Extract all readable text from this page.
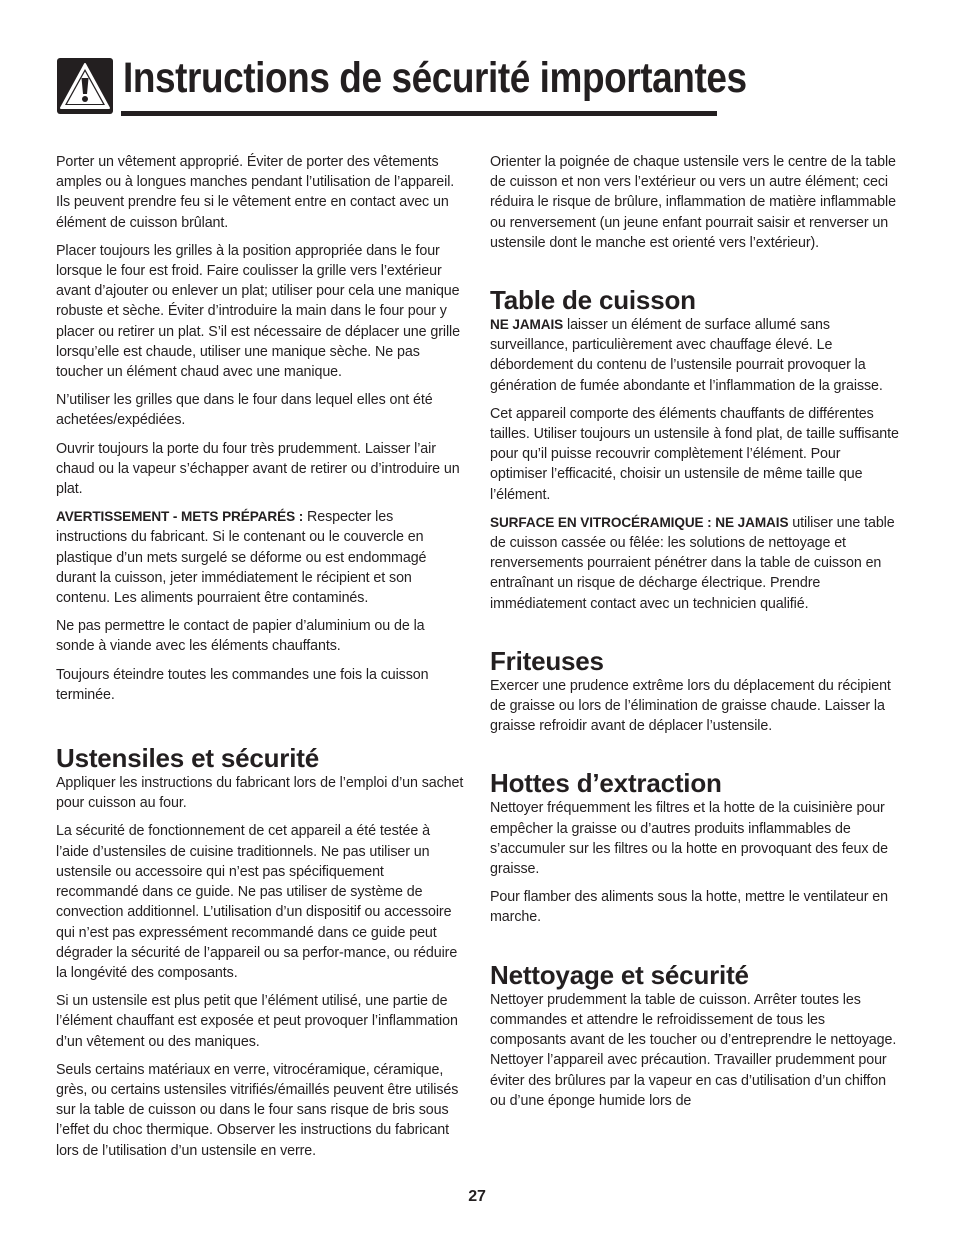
Instructions de sécurité importantes

Porter un vêtement approprié. Éviter de porter des vêtements amples ou à longues manches pendant l’utilisation de l’appareil. Ils peuvent prendre feu si le vêtement entre en contact avec un élément de cuisson brûlant.

Placer toujours les grilles à la position appropriée dans le four lorsque le four est froid. Faire coulisser la grille vers l’extérieur avant d’ajouter ou enlever un plat; utiliser pour cela une manique robuste et sèche. Éviter d’introduire la main dans le four pour y placer ou retirer un plat. S’il est nécessaire de déplacer une grille lorsqu’elle est chaude, utiliser une manique sèche. Ne pas toucher un élément chaud avec une manique.

N’utiliser les grilles que dans le four dans lequel elles ont été achetées/expédiées.

Ouvrir toujours la porte du four très prudemment. Laisser l’air chaud ou la vapeur s’échapper avant de retirer ou d’introduire un plat.

AVERTISSEMENT - METS PRÉPARÉS : Respecter les instructions du fabricant. Si le contenant ou le couvercle en plastique d’un mets surgelé se déforme ou est endommagé durant la cuisson, jeter immédiatement le récipient et son contenu. Les aliments pourraient être contaminés.

Ne pas permettre le contact de papier d’aluminium ou de la sonde à viande avec les éléments chauffants.

Toujours éteindre toutes les commandes une fois la cuisson terminée.

Ustensiles et sécurité

Appliquer les instructions du fabricant lors de l’emploi d’un sachet pour cuisson au four.

La sécurité de fonctionnement de cet appareil a été testée à l’aide d’ustensiles de cuisine traditionnels. Ne pas utiliser un ustensile ou accessoire qui n’est pas spécifiquement recommandé dans ce guide. Ne pas utiliser de système de convection additionnel. L’utilisation d’un dispositif ou accessoire qui n’est pas expressément recommandé dans ce guide peut dégrader la sécurité de l’appareil ou sa perfor-mance, ou réduire la longévité des composants.

Si un ustensile est plus petit que l’élément utilisé, une partie de l’élément chauffant est exposée et peut provoquer l’inflammation d’un vêtement ou des maniques.

Seuls certains matériaux en verre, vitrocéramique, céramique, grès, ou certains ustensiles vitrifiés/émaillés peuvent être utilisés sur la table de cuisson ou dans le four sans risque de bris sous l’effet du choc thermique. Observer les instructions du fabricant lors de l’utilisation d’un ustensile en verre.

Orienter la poignée de chaque ustensile vers le centre de la table de cuisson et non vers l’extérieur ou vers un autre élément; ceci réduira le risque de brûlure, inflammation de matière inflammable ou renversement (un jeune enfant pourrait saisir et renverser un ustensile dont le manche est orienté vers l’extérieur).

Table de cuisson

NE JAMAIS laisser un élément de surface allumé sans surveillance, particulièrement avec chauffage élevé. Le débordement du contenu de l’ustensile pourrait provoquer la génération de fumée abondante et l’inflammation de la graisse.

Cet appareil comporte des éléments chauffants de différentes tailles. Utiliser toujours un ustensile à fond plat, de taille suffisante pour qu’il puisse recouvrir complètement l’élément. Pour optimiser l’efficacité, choisir un ustensile de même taille que l’élément.

SURFACE EN VITROCÉRAMIQUE : NE JAMAIS utiliser une table de cuisson cassée ou fêlée: les solutions de nettoyage et renversements pourraient pénétrer dans la table de cuisson en entraînant un risque de décharge électrique. Prendre immédiatement contact avec un technicien qualifié.

Friteuses

Exercer une prudence extrême lors du déplacement du récipient de graisse ou lors de l’élimination de graisse chaude. Laisser la graisse refroidir avant de déplacer l’ustensile.

Hottes d’extraction

Nettoyer fréquemment les filtres et la hotte de la cuisinière pour empêcher la graisse ou d’autres produits inflammables de s’accumuler sur les filtres ou la hotte en provoquant des feux de graisse.

Pour flamber des aliments sous la hotte, mettre le ventilateur en marche.

Nettoyage et sécurité

Nettoyer prudemment la table de cuisson. Arrêter toutes les commandes et attendre le refroidissement de tous les composants avant de les toucher ou d’entreprendre le nettoyage. Nettoyer l’appareil avec précaution. Travailler prudemment pour éviter des brûlures par la vapeur en cas d’utilisation d’un chiffon ou d’une éponge humide lors de

27
